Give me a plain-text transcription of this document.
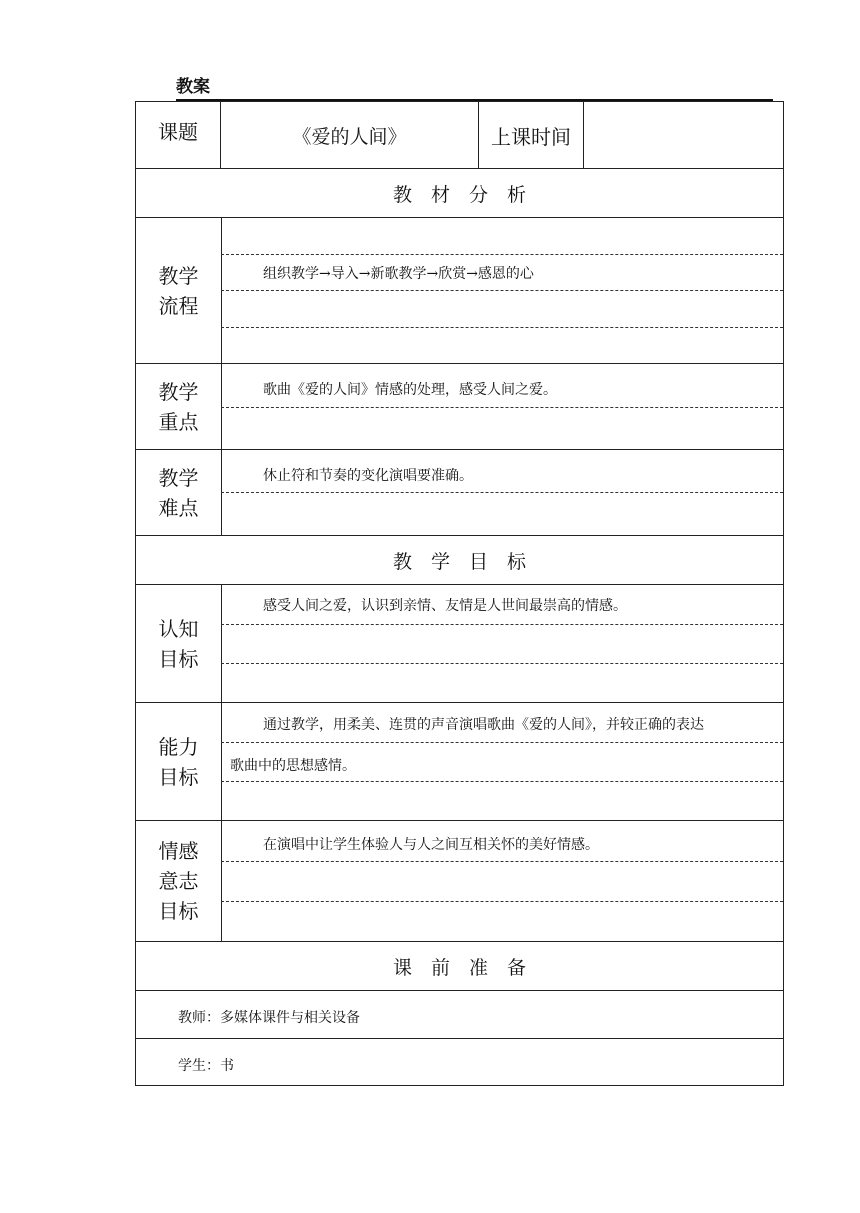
教案
课题	《爱的人间》	上课时间
教　材　分　析
教学
流程
组织教学→导入→新歌教学→欣赏→感恩的心
教学
重点
歌曲《爱的人间》情感的处理，感受人间之爱。
教学
难点
休止符和节奏的变化演唱要准确。
教　学　目　标
认知
目标
感受人间之爱，认识到亲情、友情是人世间最崇高的情感。
能力
目标
通过教学，用柔美、连贯的声音演唱歌曲《爱的人间》，并较正确的表达
歌曲中的思想感情。
情感
意志
目标
在演唱中让学生体验人与人之间互相关怀的美好情感。
课　前　准　备
教师：多媒体课件与相关设备
学生：书
